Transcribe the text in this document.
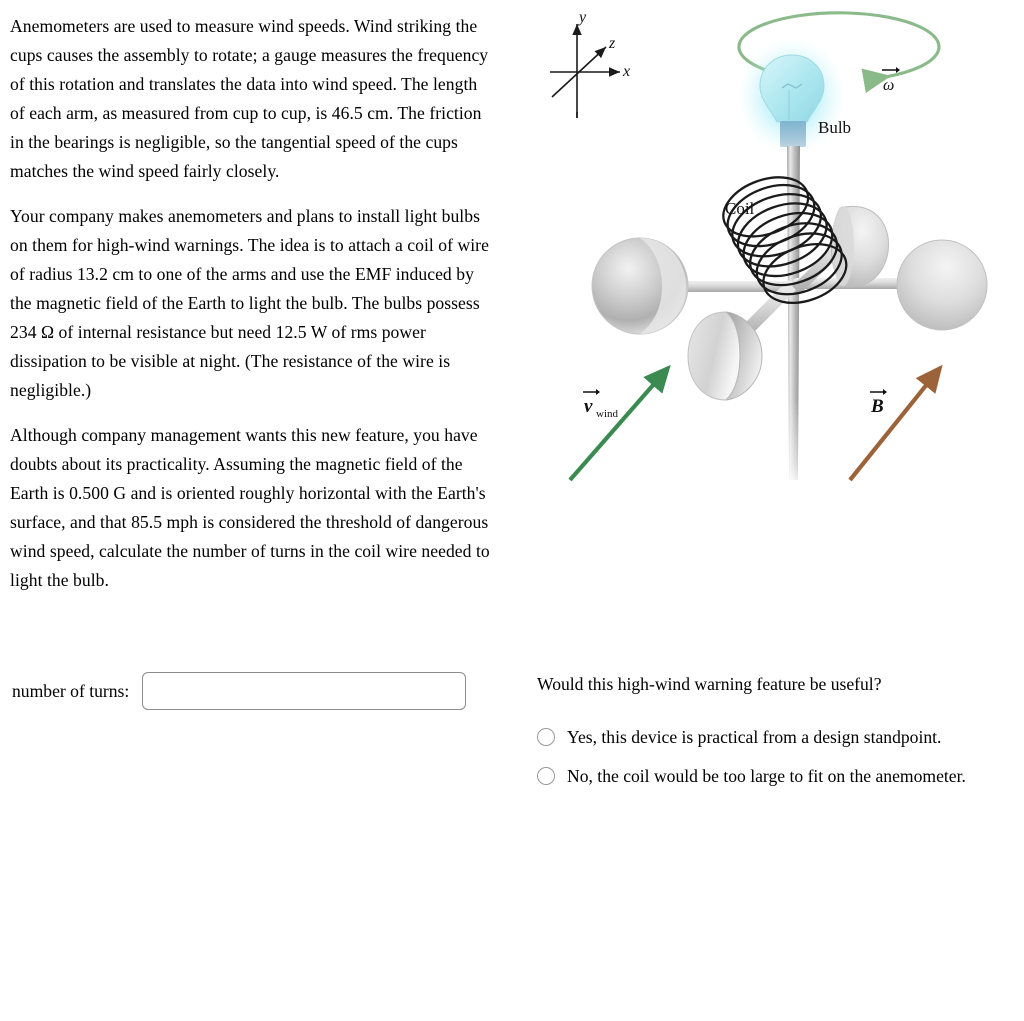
Anemometers are used to measure wind speeds. Wind striking the cups causes the assembly to rotate; a gauge measures the frequency of this rotation and translates the data into wind speed. The length of each arm, as measured from cup to cup, is 46.5 cm. The friction in the bearings is negligible, so the tangential speed of the cups matches the wind speed fairly closely.

Your company makes anemometers and plans to install light bulbs on them for high-wind warnings. The idea is to attach a coil of wire of radius 13.2 cm to one of the arms and use the EMF induced by the magnetic field of the Earth to light the bulb. The bulbs possess 234 Ω of internal resistance but need 12.5 W of rms power dissipation to be visible at night. (The resistance of the wire is negligible.)

Although company management wants this new feature, you have doubts about its practicality. Assuming the magnetic field of the Earth is 0.500 G and is oriented roughly horizontal with the Earth's surface, and that 85.5 mph is considered the threshold of dangerous wind speed, calculate the number of turns in the coil wire needed to light the bulb.

number of turns:	Would this high-wind warning feature be useful?
Yes, this device is practical from a design standpoint.
No, the coil would be too large to fit on the anemometer.
x
y
z
ω
v wind	B
Bulb
Coil
